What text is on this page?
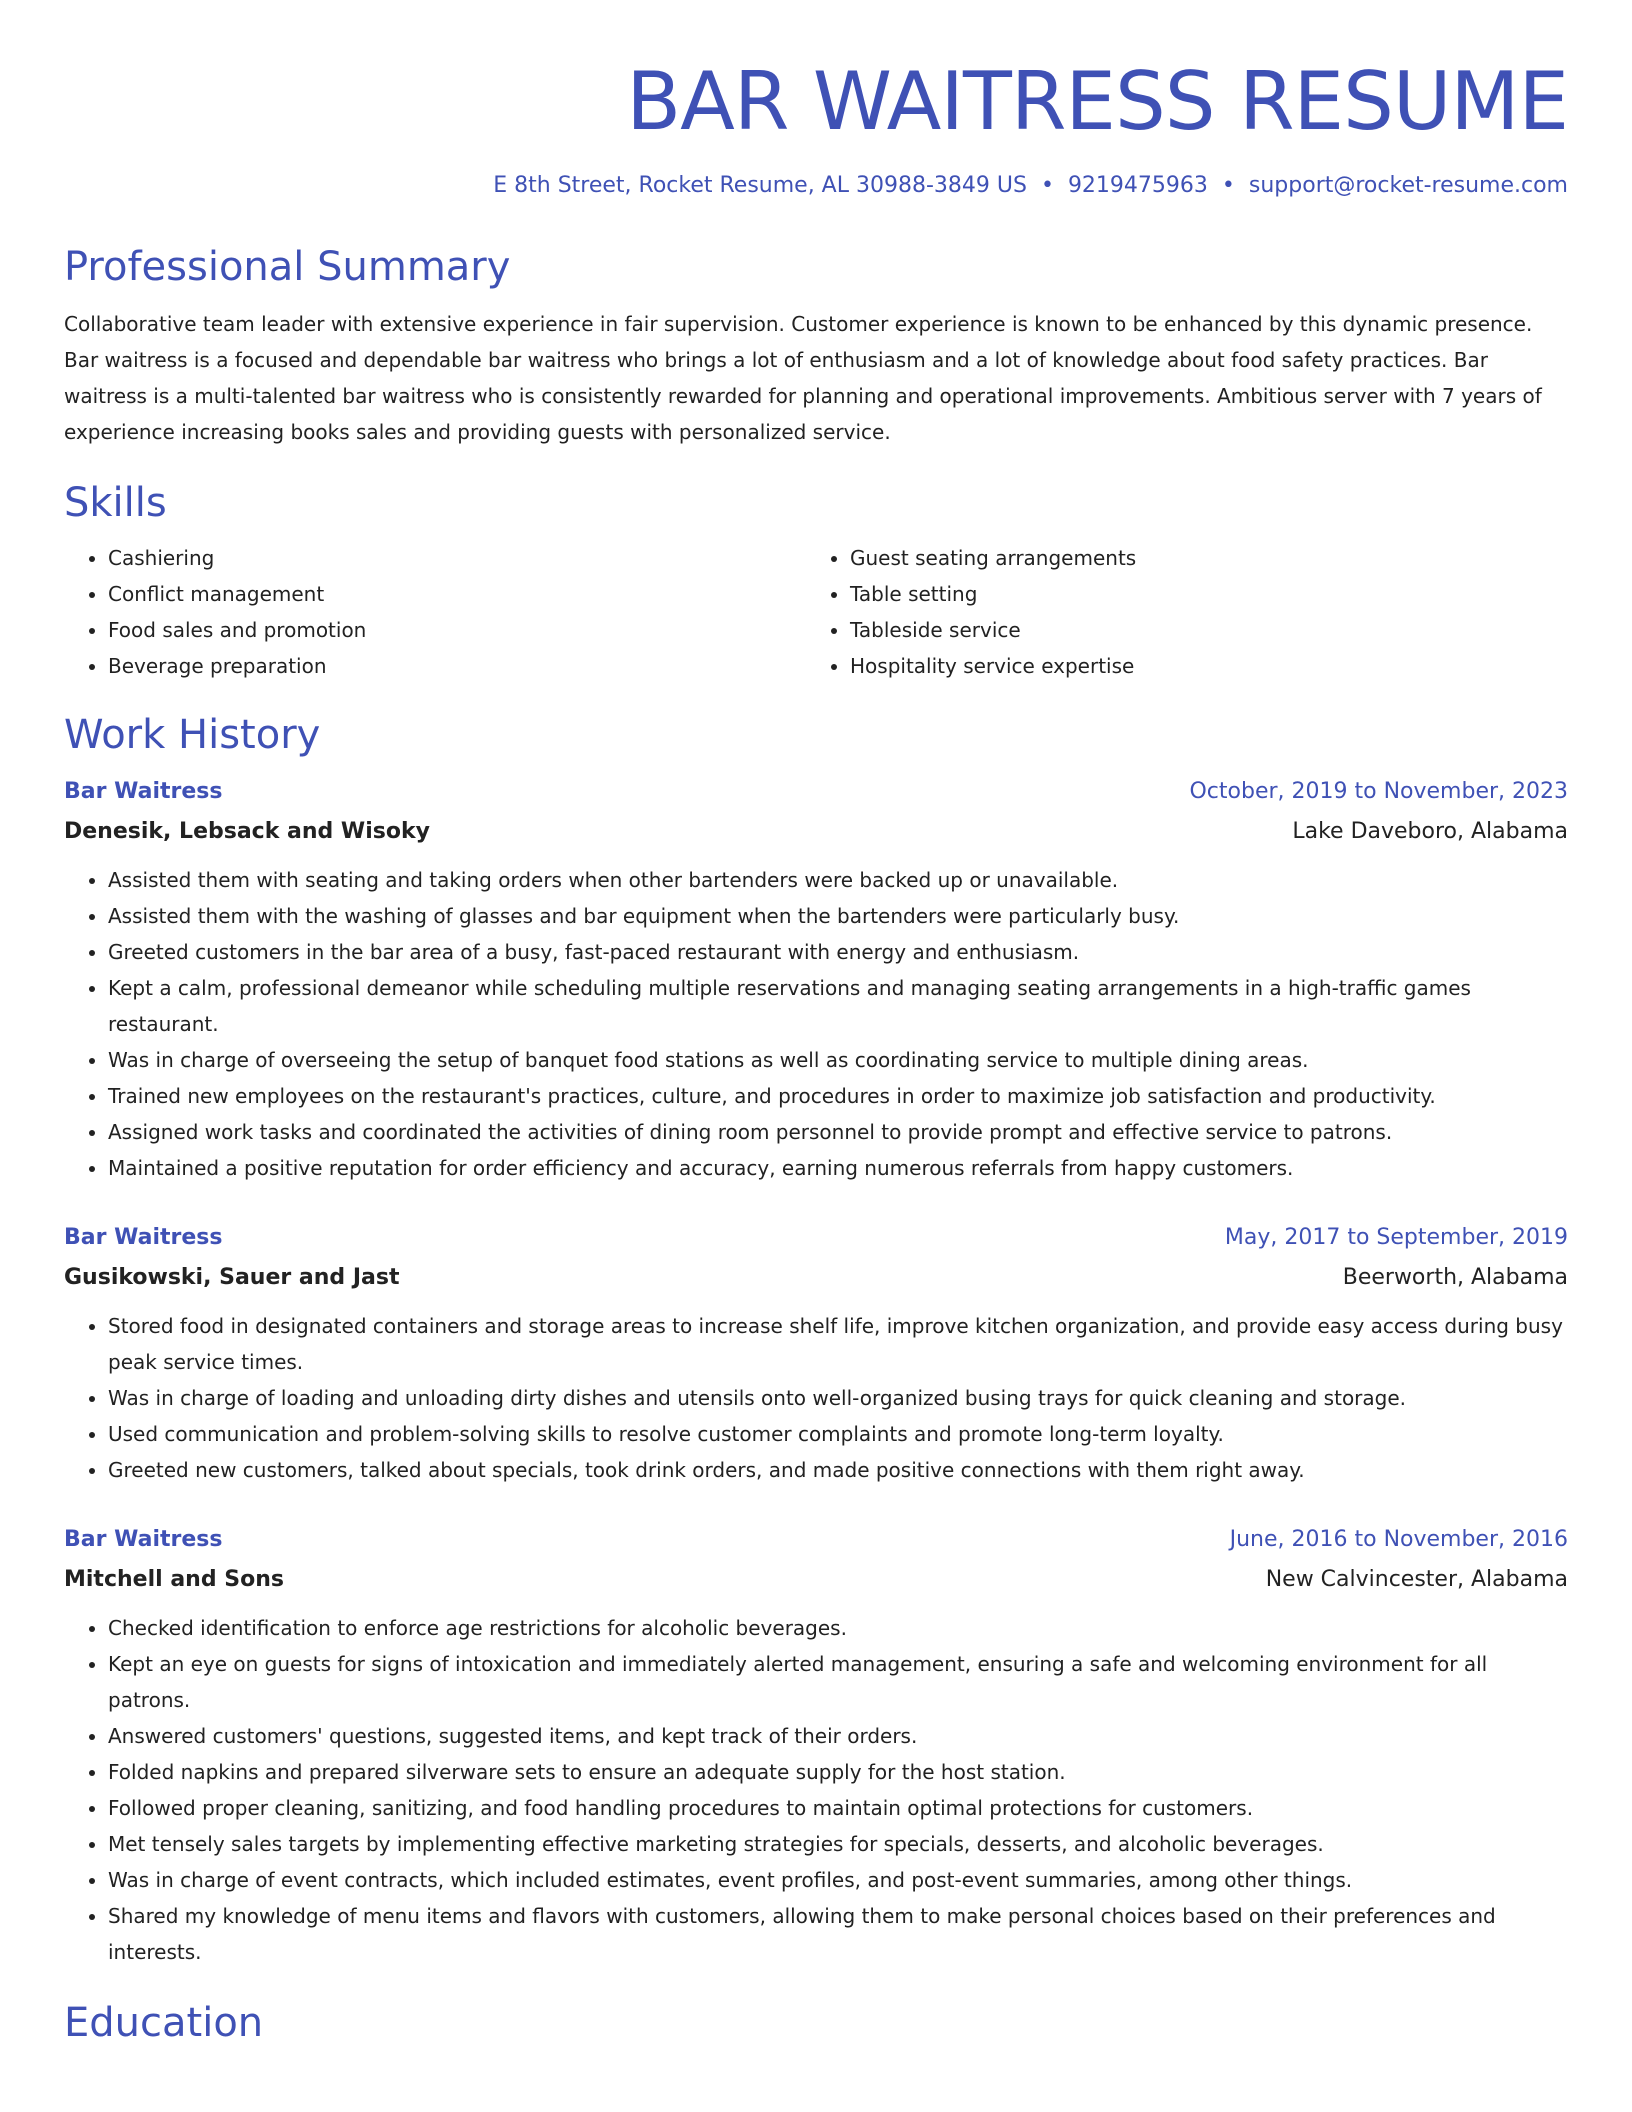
BAR WAITRESS RESUME
E 8th Street, Rocket Resume, AL 30988-3849 US • 9219475963 • support@rocket-resume.com
Professional Summary
Collaborative team leader with extensive experience in fair supervision. Customer experience is known to be enhanced by this dynamic presence. Bar waitress is a focused and dependable bar waitress who brings a lot of enthusiasm and a lot of knowledge about food safety practices. Bar waitress is a multi-talented bar waitress who is consistently rewarded for planning and operational improvements. Ambitious server with 7 years of experience increasing books sales and providing guests with personalized service.
Skills
• Cashiering
• Conflict management
• Food sales and promotion
• Beverage preparation
• Guest seating arrangements
• Table setting
• Tableside service
• Hospitality service expertise
Work History
Bar Waitress	October, 2019 to November, 2023
Denesik, Lebsack and Wisoky	Lake Daveboro, Alabama
• Assisted them with seating and taking orders when other bartenders were backed up or unavailable.
• Assisted them with the washing of glasses and bar equipment when the bartenders were particularly busy.
• Greeted customers in the bar area of a busy, fast-paced restaurant with energy and enthusiasm.
• Kept a calm, professional demeanor while scheduling multiple reservations and managing seating arrangements in a high-traffic games restaurant.
• Was in charge of overseeing the setup of banquet food stations as well as coordinating service to multiple dining areas.
• Trained new employees on the restaurant's practices, culture, and procedures in order to maximize job satisfaction and productivity.
• Assigned work tasks and coordinated the activities of dining room personnel to provide prompt and effective service to patrons.
• Maintained a positive reputation for order efficiency and accuracy, earning numerous referrals from happy customers.
Bar Waitress	May, 2017 to September, 2019
Gusikowski, Sauer and Jast	Beerworth, Alabama
• Stored food in designated containers and storage areas to increase shelf life, improve kitchen organization, and provide easy access during busy peak service times.
• Was in charge of loading and unloading dirty dishes and utensils onto well-organized busing trays for quick cleaning and storage.
• Used communication and problem-solving skills to resolve customer complaints and promote long-term loyalty.
• Greeted new customers, talked about specials, took drink orders, and made positive connections with them right away.
Bar Waitress	June, 2016 to November, 2016
Mitchell and Sons	New Calvincester, Alabama
• Checked identification to enforce age restrictions for alcoholic beverages.
• Kept an eye on guests for signs of intoxication and immediately alerted management, ensuring a safe and welcoming environment for all patrons.
• Answered customers' questions, suggested items, and kept track of their orders.
• Folded napkins and prepared silverware sets to ensure an adequate supply for the host station.
• Followed proper cleaning, sanitizing, and food handling procedures to maintain optimal protections for customers.
• Met tensely sales targets by implementing effective marketing strategies for specials, desserts, and alcoholic beverages.
• Was in charge of event contracts, which included estimates, event profiles, and post-event summaries, among other things.
• Shared my knowledge of menu items and flavors with customers, allowing them to make personal choices based on their preferences and interests.
Education
